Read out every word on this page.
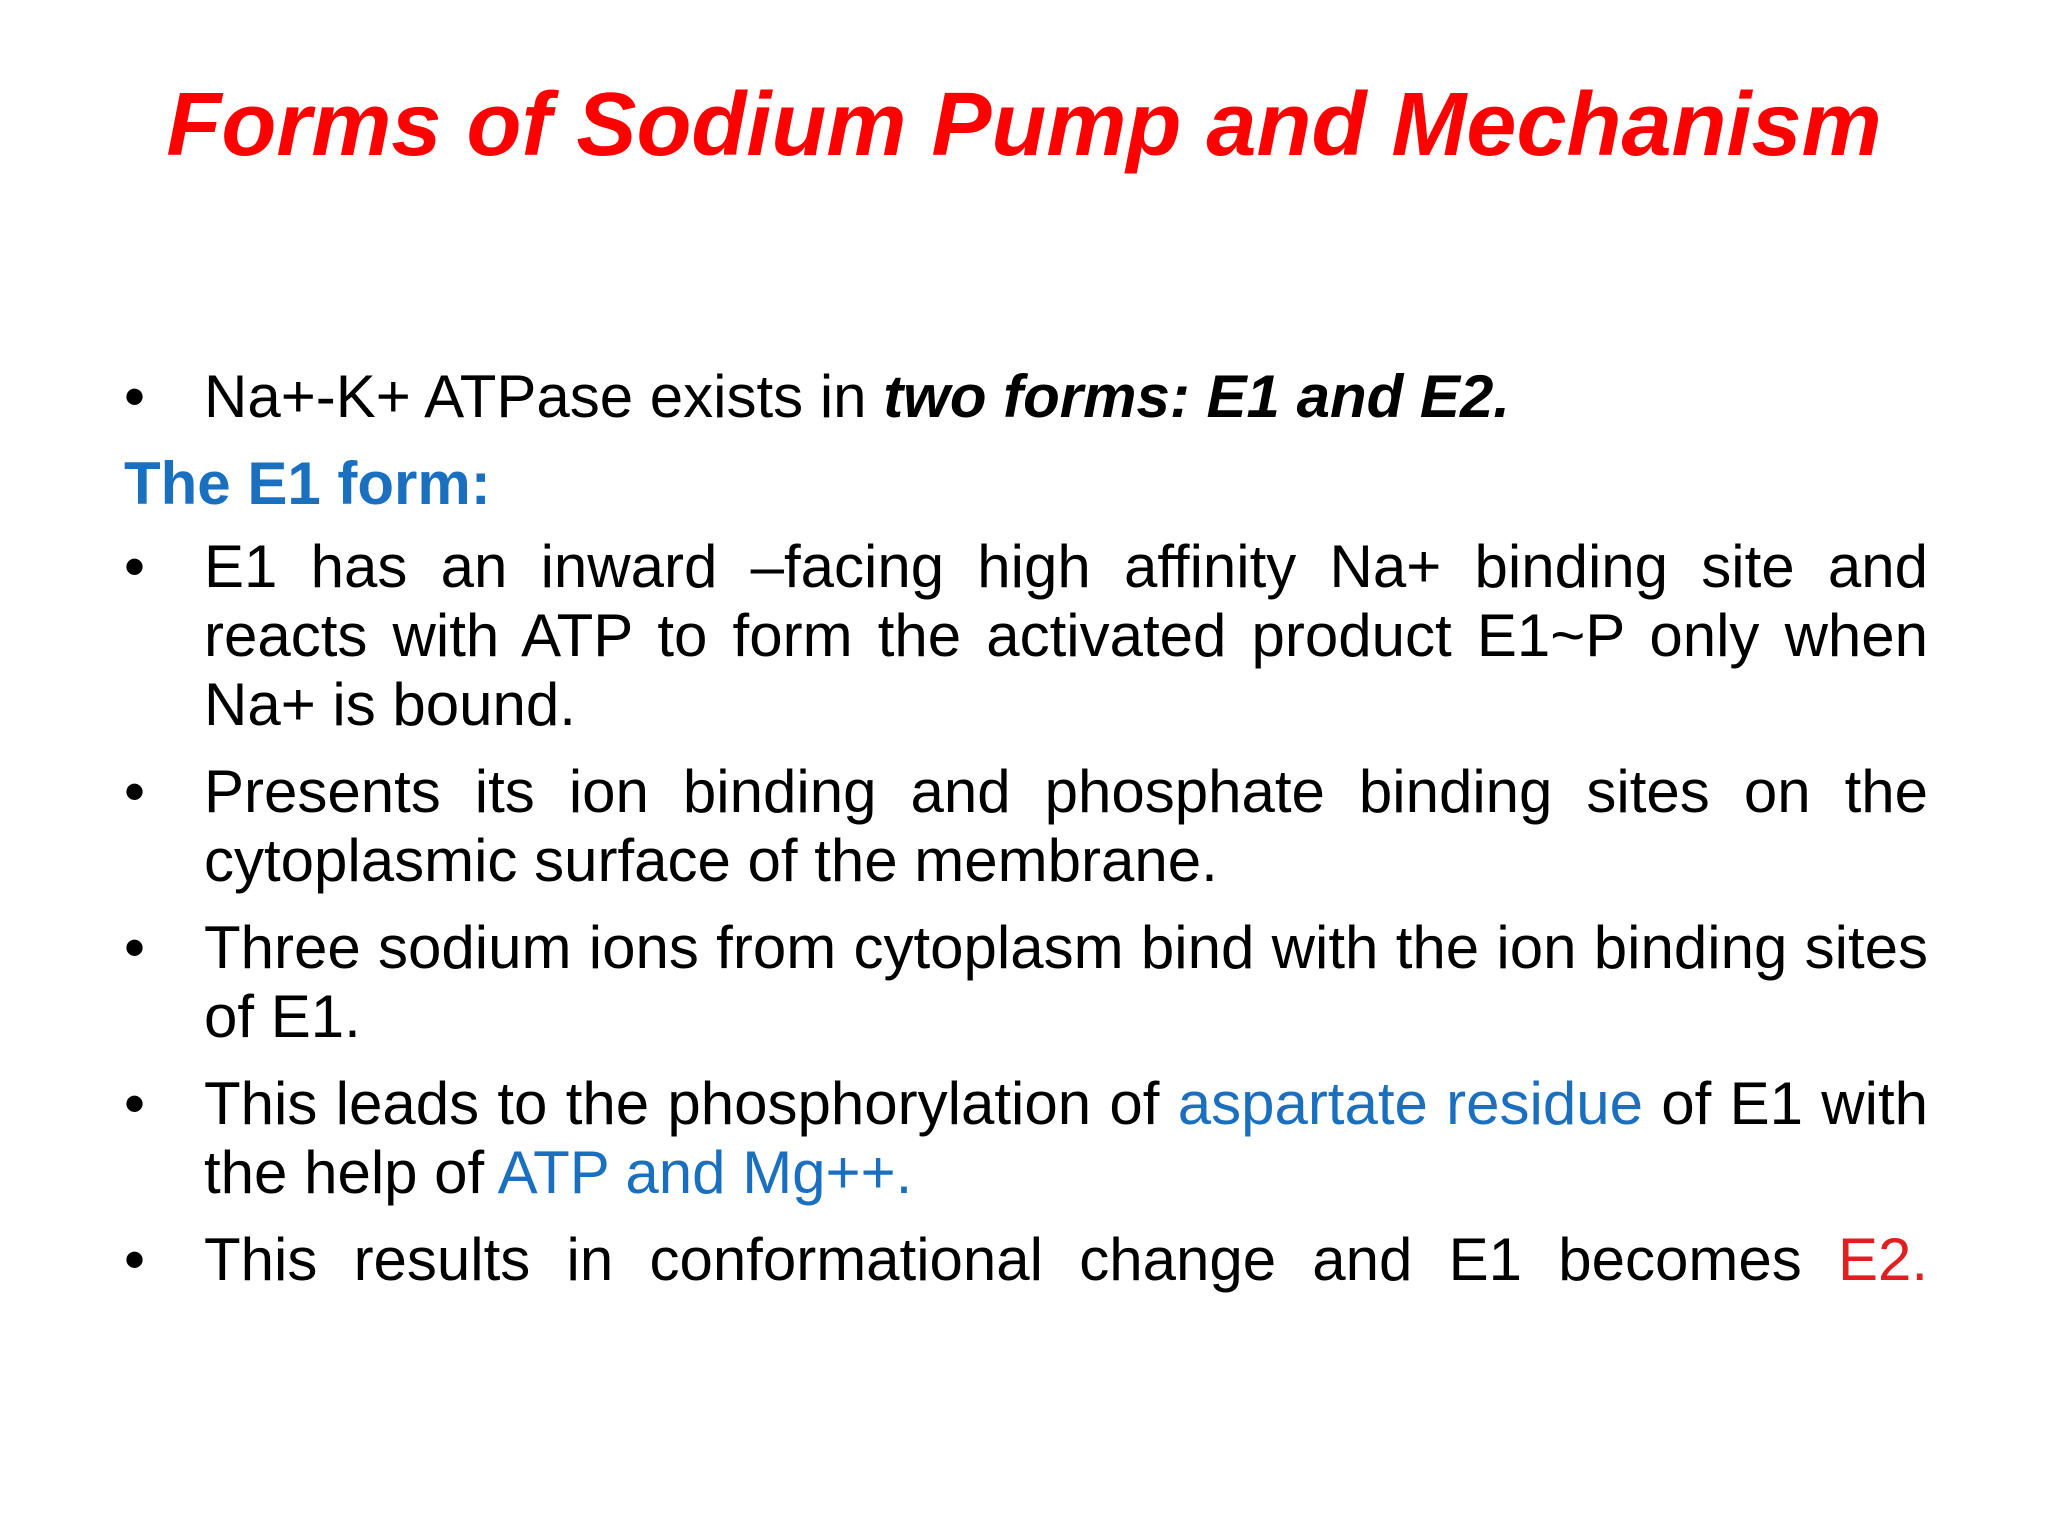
Forms of Sodium Pump and Mechanism

• Na+-K+ ATPase exists in two forms: E1 and E2.

The E1 form:

• E1 has an inward –facing high affinity Na+ binding site and reacts with ATP to form the activated product E1~P only when Na+ is bound.

• Presents its ion binding and phosphate binding sites on the cytoplasmic surface of the membrane.

• Three sodium ions from cytoplasm bind with the ion binding sites of E1.

• This leads to the phosphorylation of aspartate residue of E1 with the help of ATP and Mg++.

• This results in conformational change and E1 becomes E2.
